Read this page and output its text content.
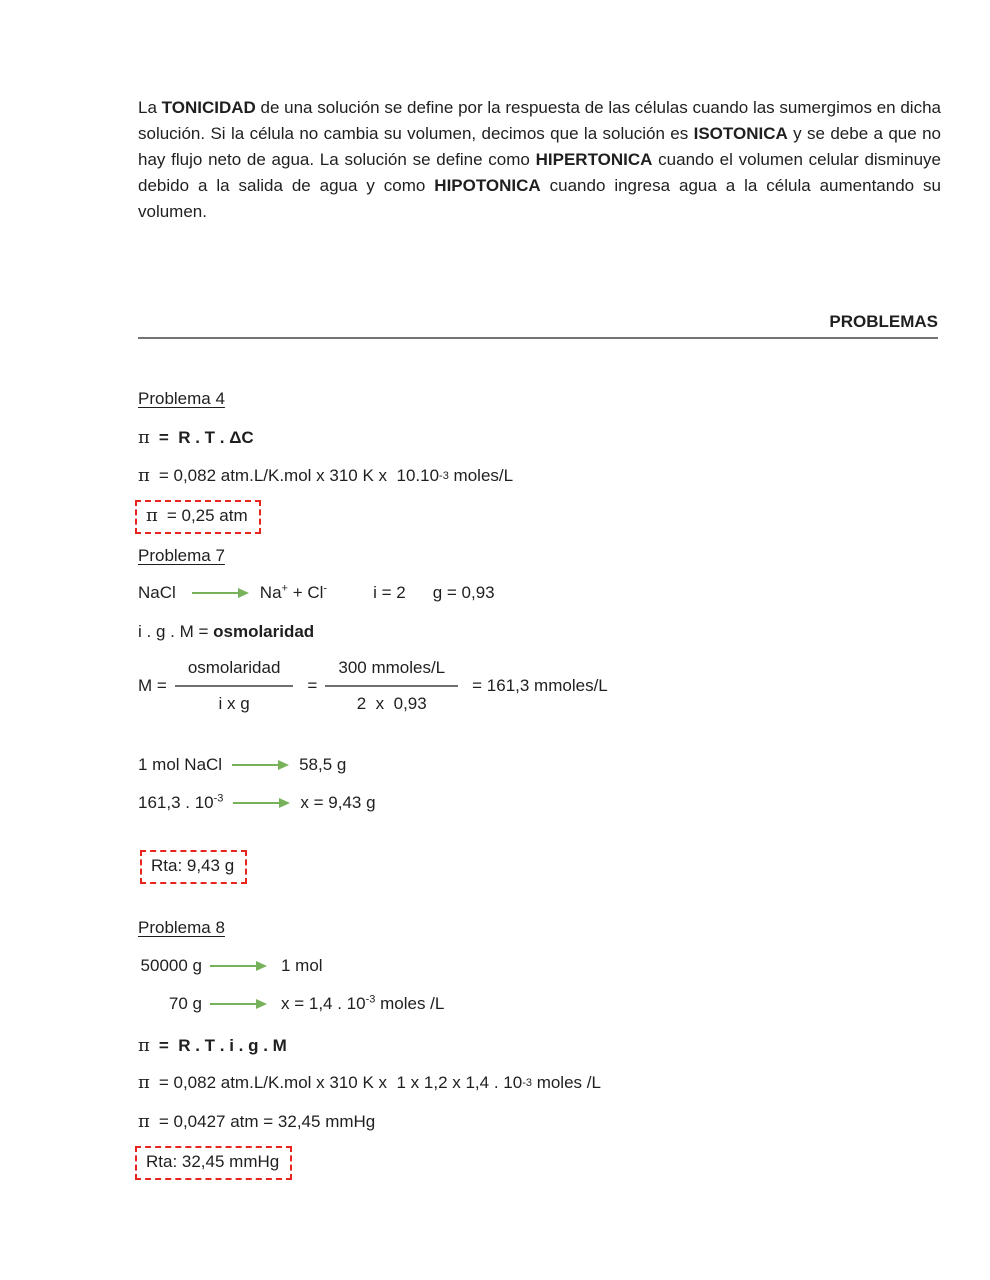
La TONICIDAD de una solución se define por la respuesta de las células cuando las sumergimos en dicha solución. Si la célula no cambia su volumen, decimos que la solución es ISOTONICA y se debe a que no hay flujo neto de agua. La solución se define como HIPERTONICA cuando el volumen celular disminuye debido a la salida de agua y como HIPOTONICA cuando ingresa agua a la célula aumentando su volumen.

PROBLEMAS
Problema 4
π =  R . T . ΔC
π = 0,082 atm.L/K.mol x 310 K x  10.10 -3 moles/L
π = 0,25 atm
Problema 7
NaCl	Na+ + Cl-	i = 2 g = 0,93
i . g . M = osmolaridad
$M = \frac{\text{osmolaridad}}{\text{i x g}} = \frac{\text{300 mmoles/L}}{2 x 0,93} = 161,3$ mmoles/L
1 mol NaCl	58,5 g
161,3 . $10^{-3}$	x = 9,43 g
Rta: 9,43 g
Problema 8
50000 g	1 mol
70 g	x = 1,4 . $10^{-3}$ moles /L
π =  R . T . i . g . M
π = 0,082 atm.L/K.mol x 310 K x  1 x 1,2 x 1,4 . 10 -3 moles /L
π = 0,0427 atm = 32,45 mmHg
Rta: 32,45 mmHg
